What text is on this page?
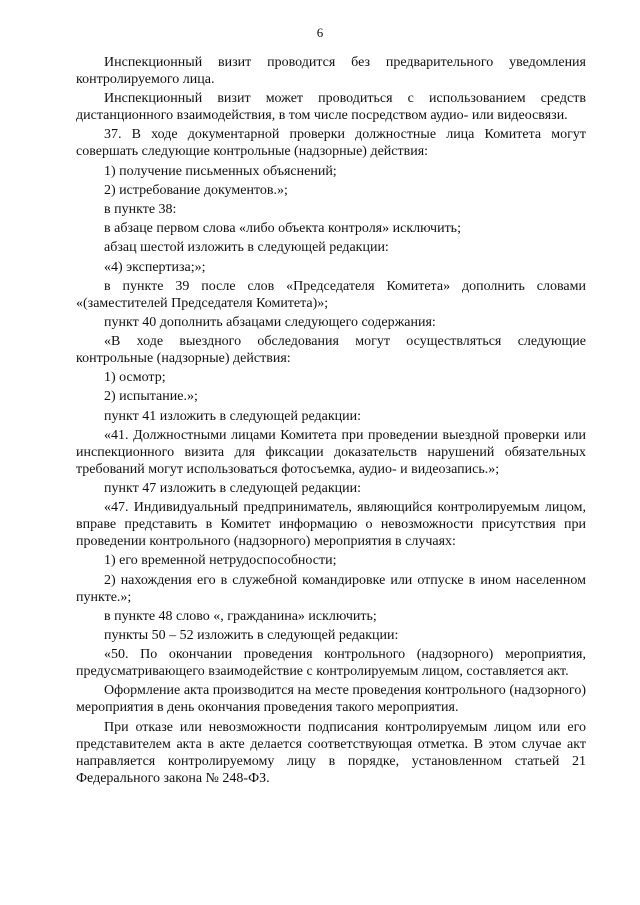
6

Инспекционный визит проводится без предварительного уведомления контролируемого лица.

Инспекционный визит может проводиться с использованием средств дистанционного взаимодействия, в том числе посредством аудио- или видеосвязи.

37. В ходе документарной проверки должностные лица Комитета могут совершать следующие контрольные (надзорные) действия:

1) получение письменных объяснений;

2) истребование документов.»;

в пункте 38:

в абзаце первом слова «либо объекта контроля» исключить;

абзац шестой изложить в следующей редакции:

«4) экспертиза;»;

в пункте 39 после слов «Председателя Комитета» дополнить словами «(заместителей Председателя Комитета)»;

пункт 40 дополнить абзацами следующего содержания:

«В ходе выездного обследования могут осуществляться следующие контрольные (надзорные) действия:

1) осмотр;

2) испытание.»;

пункт 41 изложить в следующей редакции:

«41. Должностными лицами Комитета при проведении выездной проверки или инспекционного визита для фиксации доказательств нарушений обязательных требований могут использоваться фотосъемка, аудио- и видеозапись.»;

пункт 47 изложить в следующей редакции:

«47. Индивидуальный предприниматель, являющийся контролируемым лицом, вправе представить в Комитет информацию о невозможности присутствия при проведении контрольного (надзорного) мероприятия в случаях:

1) его временной нетрудоспособности;

2) нахождения его в служебной командировке или отпуске в ином населенном пункте.»;

в пункте 48 слово «, гражданина» исключить;

пункты 50 – 52 изложить в следующей редакции:

«50. По окончании проведения контрольного (надзорного) мероприятия, предусматривающего взаимодействие с контролируемым лицом, составляется акт.

Оформление акта производится на месте проведения контрольного (надзорного) мероприятия в день окончания проведения такого мероприятия.

При отказе или невозможности подписания контролируемым лицом или его представителем акта в акте делается соответствующая отметка. В этом случае акт направляется контролируемому лицу в порядке, установленном статьей 21 Федерального закона № 248-ФЗ.
